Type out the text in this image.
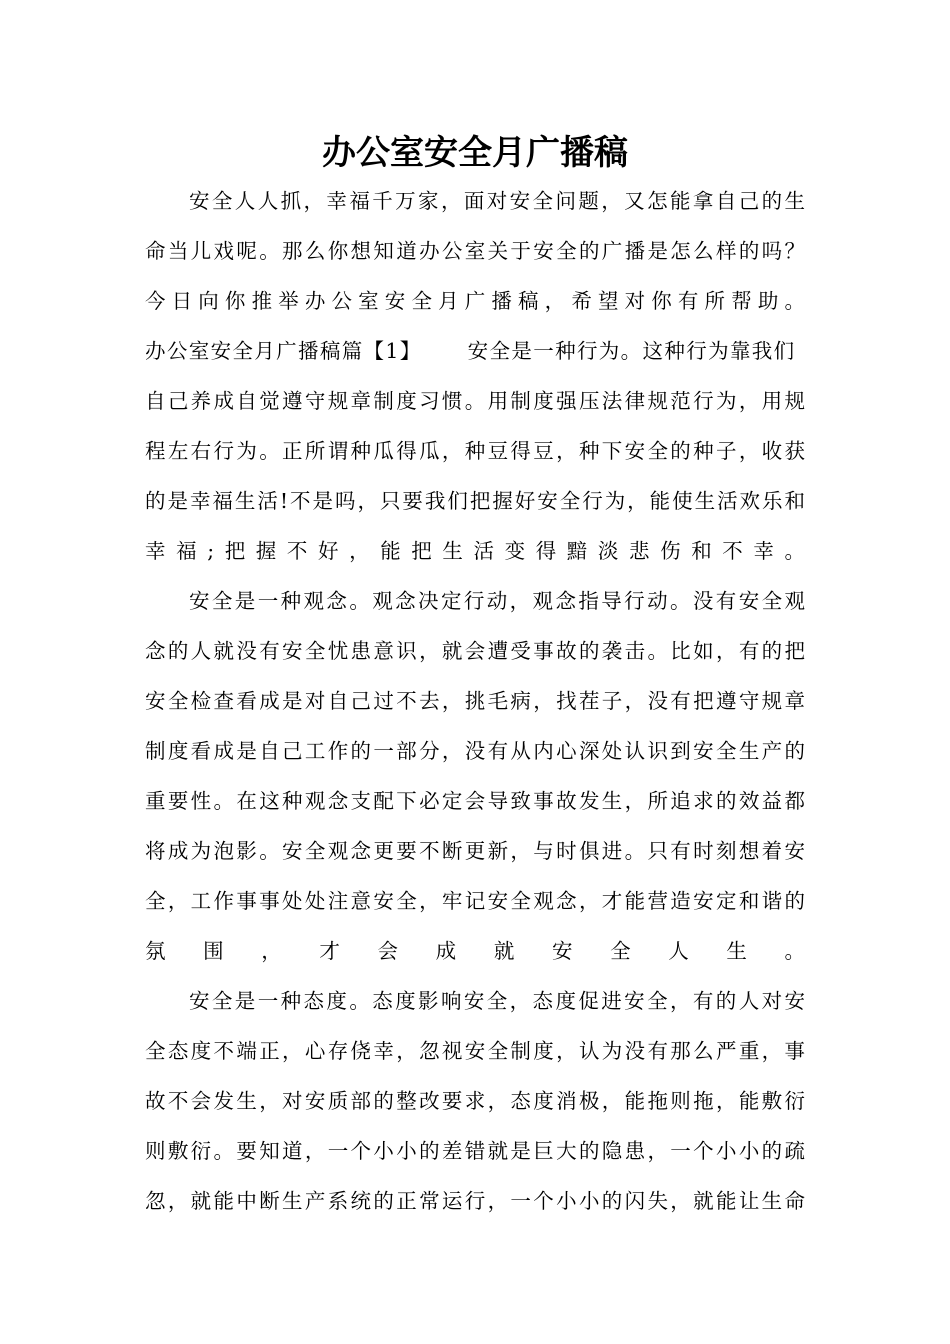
办公室安全月广播稿
安全人人抓，幸福千万家，面对安全问题，又怎能拿自己的生
命当儿戏呢。那么你想知道办公室关于安全的广播是怎么样的吗？
今日向你推举办公室安全月广播稿，希望对你有所帮助。
办公室安全月广播稿篇【1】 安全是一种行为。这种行为靠我们
自己养成自觉遵守规章制度习惯。用制度强压法律规范行为，用规
程左右行为。正所谓种瓜得瓜，种豆得豆，种下安全的种子，收获
的是幸福生活!不是吗，只要我们把握好安全行为，能使生活欢乐和
幸福;把握不好，能把生活变得黯淡悲伤和不幸。
安全是一种观念。观念决定行动，观念指导行动。没有安全观
念的人就没有安全忧患意识，就会遭受事故的袭击。比如，有的把
安全检查看成是对自己过不去，挑毛病，找茬子，没有把遵守规章
制度看成是自己工作的一部分，没有从内心深处认识到安全生产的
重要性。在这种观念支配下必定会导致事故发生，所追求的效益都
将成为泡影。安全观念更要不断更新，与时俱进。只有时刻想着安
全，工作事事处处注意安全，牢记安全观念，才能营造安定和谐的
氛围，才会成就安全人生。
安全是一种态度。态度影响安全，态度促进安全，有的人对安
全态度不端正，心存侥幸，忽视安全制度，认为没有那么严重，事
故不会发生，对安质部的整改要求，态度消极，能拖则拖，能敷衍
则敷衍。要知道，一个小小的差错就是巨大的隐患，一个小小的疏
忽，就能中断生产系统的正常运行，一个小小的闪失，就能让生命
